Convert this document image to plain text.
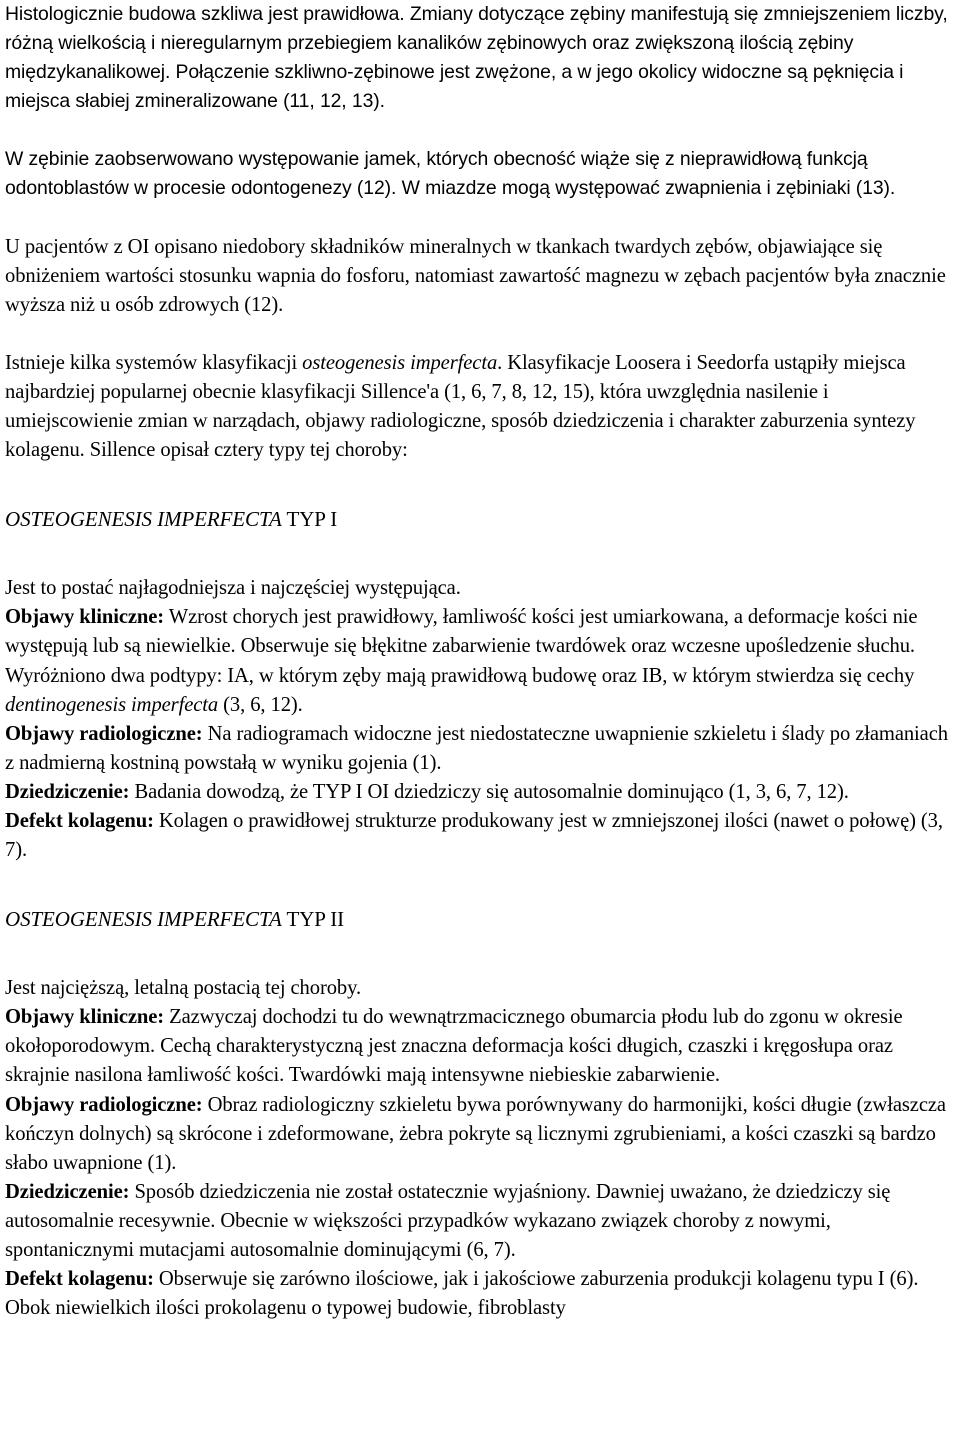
Histologicznie budowa szkliwa jest prawidłowa. Zmiany dotyczące zębiny manifestują się zmniejszeniem liczby, różną wielkością i nieregularnym przebiegiem kanalików zębinowych oraz zwiększoną ilością zębiny międzykanalikowej. Połączenie szkliwno-zębinowe jest zwężone, a w jego okolicy widoczne są pęknięcia i miejsca słabiej zmineralizowane (11, 12, 13).

W zębinie zaobserwowano występowanie jamek, których obecność wiąże się z nieprawidłową funkcją odontoblastów w procesie odontogenezy (12). W miazdze mogą występować zwapnienia i zębiniaki (13).

U pacjentów z OI opisano niedobory składników mineralnych w tkankach twardych zębów, objawiające się obniżeniem wartości stosunku wapnia do fosforu, natomiast zawartość magnezu w zębach pacjentów była znacznie wyższa niż u osób zdrowych (12).

Istnieje kilka systemów klasyfikacji osteogenesis imperfecta. Klasyfikacje Loosera i Seedorfa ustąpiły miejsca najbardziej popularnej obecnie klasyfikacji Sillence'a (1, 6, 7, 8, 12, 15), która uwzględnia nasilenie i umiejscowienie zmian w narządach, objawy radiologiczne, sposób dziedziczenia i charakter zaburzenia syntezy kolagenu. Sillence opisał cztery typy tej choroby:

OSTEOGENESIS IMPERFECTA TYP I

Jest to postać najłagodniejsza i najczęściej występująca.

Objawy kliniczne: Wzrost chorych jest prawidłowy, łamliwość kości jest umiarkowana, a deformacje kości nie występują lub są niewielkie. Obserwuje się błękitne zabarwienie twardówek oraz wczesne upośledzenie słuchu. Wyróżniono dwa podtypy: IA, w którym zęby mają prawidłową budowę oraz IB, w którym stwierdza się cechy dentinogenesis imperfecta (3, 6, 12).

Objawy radiologiczne: Na radiogramach widoczne jest niedostateczne uwapnienie szkieletu i ślady po złamaniach z nadmierną kostniną powstałą w wyniku gojenia (1).

Dziedziczenie: Badania dowodzą, że TYP I OI dziedziczy się autosomalnie dominująco (1, 3, 6, 7, 12).

Defekt kolagenu: Kolagen o prawidłowej strukturze produkowany jest w zmniejszonej ilości (nawet o połowę) (3, 7).

OSTEOGENESIS IMPERFECTA TYP II

Jest najcięższą, letalną postacią tej choroby.

Objawy kliniczne: Zazwyczaj dochodzi tu do wewnątrzmacicznego obumarcia płodu lub do zgonu w okresie okołoporodowym. Cechą charakterystyczną jest znaczna deformacja kości długich, czaszki i kręgosłupa oraz skrajnie nasilona łamliwość kości. Twardówki mają intensywne niebieskie zabarwienie.

Objawy radiologiczne: Obraz radiologiczny szkieletu bywa porównywany do harmonijki, kości długie (zwłaszcza kończyn dolnych) są skrócone i zdeformowane, żebra pokryte są licznymi zgrubieniami, a kości czaszki są bardzo słabo uwapnione (1).

Dziedziczenie: Sposób dziedziczenia nie został ostatecznie wyjaśniony. Dawniej uważano, że dziedziczy się autosomalnie recesywnie. Obecnie w większości przypadków wykazano związek choroby z nowymi, spontanicznymi mutacjami autosomalnie dominującymi (6, 7).

Defekt kolagenu: Obserwuje się zarówno ilościowe, jak i jakościowe zaburzenia produkcji kolagenu typu I (6). Obok niewielkich ilości prokolagenu o typowej budowie, fibroblasty
